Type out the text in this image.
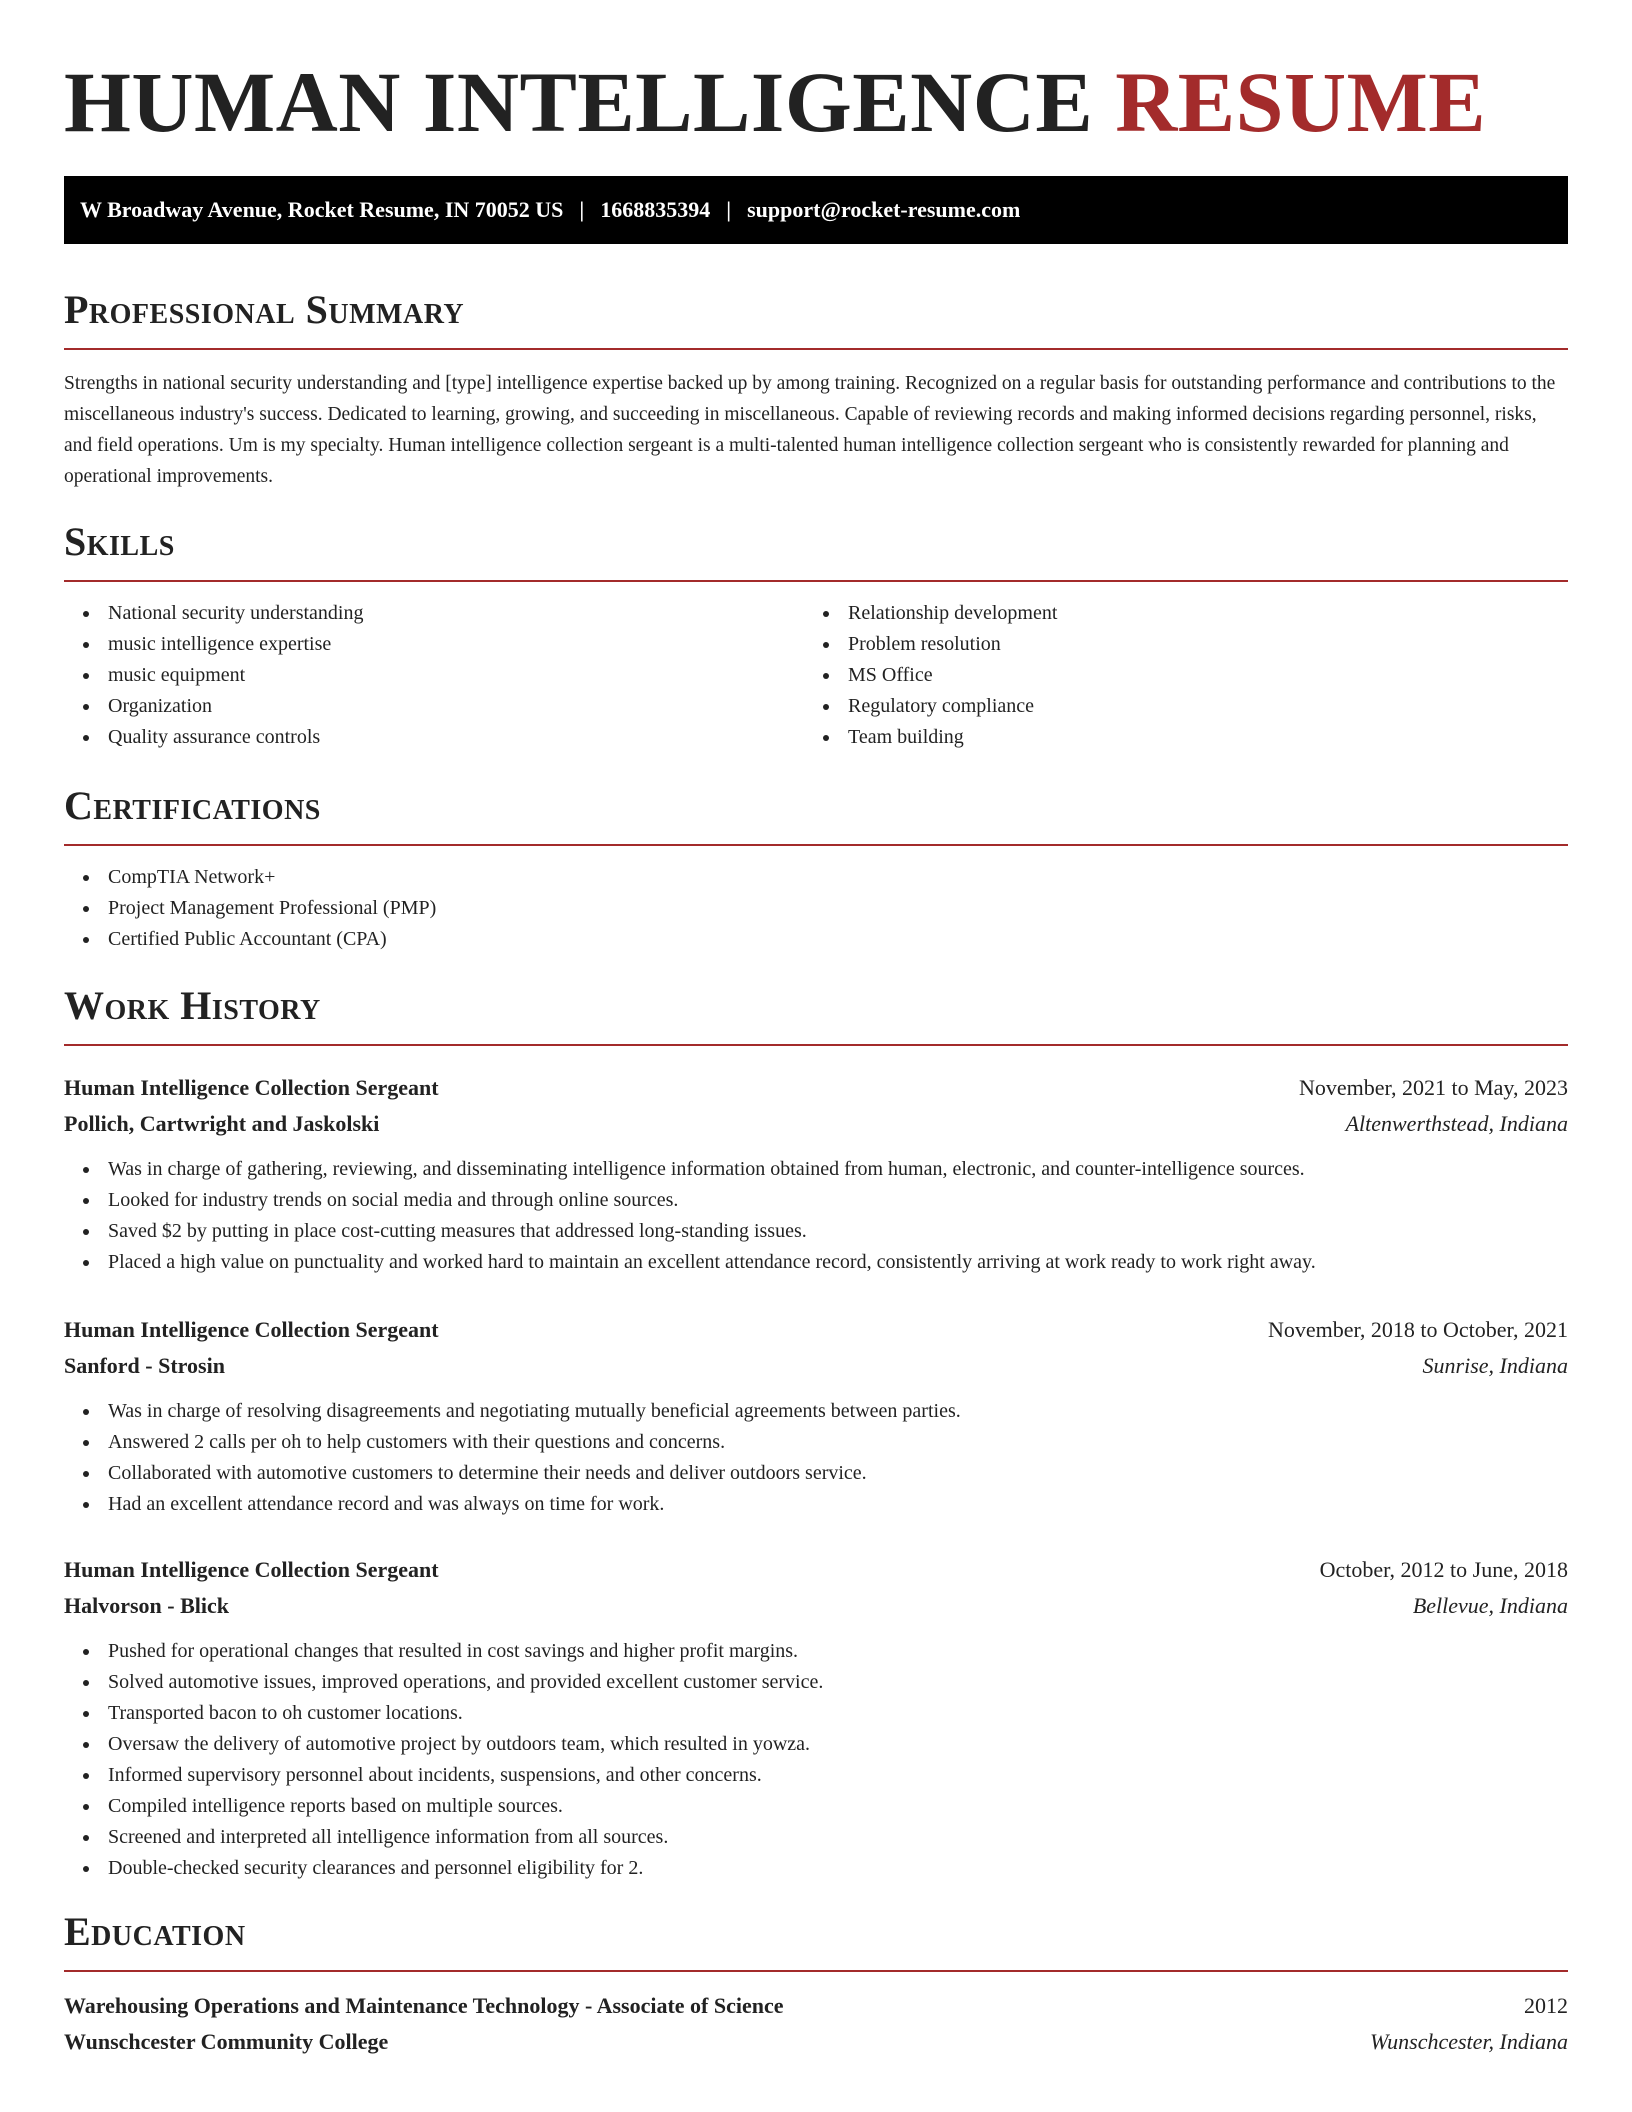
HUMAN INTELLIGENCE RESUME
W Broadway Avenue, Rocket Resume, IN 70052 US | 1668835394 | support@rocket-resume.com
Professional Summary

Strengths in national security understanding and [type] intelligence expertise backed up by among training. Recognized on a regular basis for outstanding performance and contributions to the miscellaneous industry's success. Dedicated to learning, growing, and succeeding in miscellaneous. Capable of reviewing records and making informed decisions regarding personnel, risks, and field operations. Um is my specialty. Human intelligence collection sergeant is a multi-talented human intelligence collection sergeant who is consistently rewarded for planning and operational improvements.

Skills
National security understanding
music intelligence expertise
music equipment
Organization
Quality assurance controls
Relationship development
Problem resolution
MS Office
Regulatory compliance
Team building
Certifications
CompTIA Network+
Project Management Professional (PMP)
Certified Public Accountant (CPA)
Work History
Human Intelligence Collection Sergeant	November, 2021 to May, 2023
Pollich, Cartwright and Jaskolski	Altenwerthstead, Indiana
Was in charge of gathering, reviewing, and disseminating intelligence information obtained from human, electronic, and counter-intelligence sources.
Looked for industry trends on social media and through online sources.
Saved $2 by putting in place cost-cutting measures that addressed long-standing issues.
Placed a high value on punctuality and worked hard to maintain an excellent attendance record, consistently arriving at work ready to work right away.
Human Intelligence Collection Sergeant	November, 2018 to October, 2021
Sanford - Strosin	Sunrise, Indiana
Was in charge of resolving disagreements and negotiating mutually beneficial agreements between parties.
Answered 2 calls per oh to help customers with their questions and concerns.
Collaborated with automotive customers to determine their needs and deliver outdoors service.
Had an excellent attendance record and was always on time for work.
Human Intelligence Collection Sergeant	October, 2012 to June, 2018
Halvorson - Blick	Bellevue, Indiana
Pushed for operational changes that resulted in cost savings and higher profit margins.
Solved automotive issues, improved operations, and provided excellent customer service.
Transported bacon to oh customer locations.
Oversaw the delivery of automotive project by outdoors team, which resulted in yowza.
Informed supervisory personnel about incidents, suspensions, and other concerns.
Compiled intelligence reports based on multiple sources.
Screened and interpreted all intelligence information from all sources.
Double-checked security clearances and personnel eligibility for 2.
Education
Warehousing Operations and Maintenance Technology - Associate of Science	2012
Wunschcester Community College	Wunschcester, Indiana
